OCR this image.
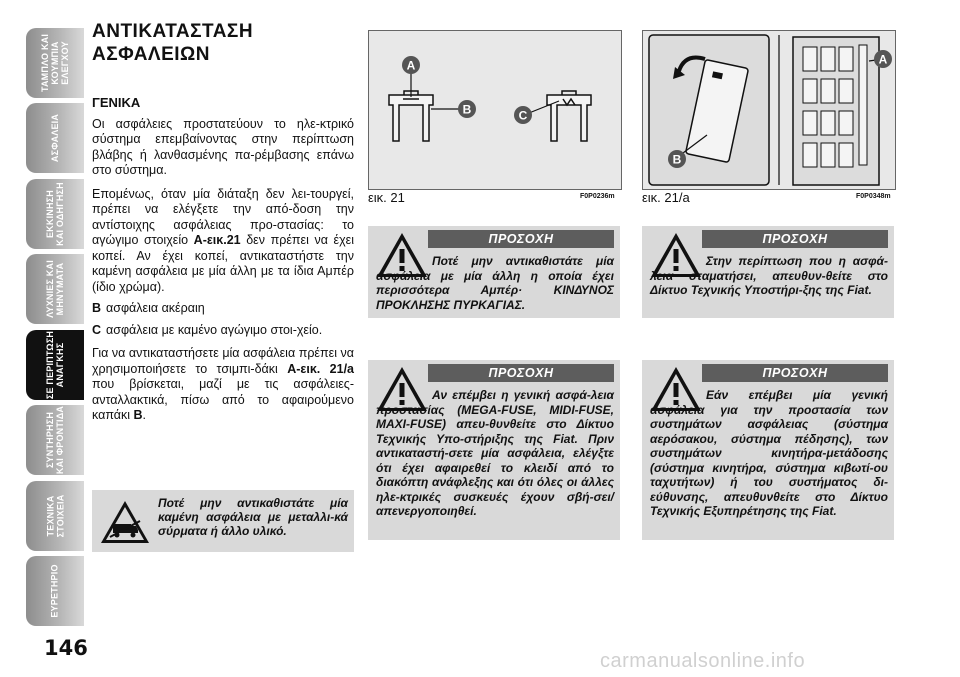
ΤΑΜΠΛΟ ΚΑΙ
ΚΟΥΜΠΙΑ
ΕΛΕΓΧΟΥ
ΑΣΦΑΛΕΙΑ
ΕΚΚΙΝΗΣΗ
ΚΑΙ ΟΔΗΓΗΣΗ
ΛΥΧΝΙΕΣ ΚΑΙ
ΜΗΝΥΜΑΤΑ
ΣΕ ΠΕΡΙΠΤΩΣΗ
ΑΝΑΓΚΗΣ
ΣΥΝΤΗΡΗΣΗ
ΚΑΙ ΦΡΟΝΤΙΔΑ
ΤΕΧΝΙΚΑ
ΣΤΟΙΧΕΙΑ
ΕΥΡΕΤΗΡΙΟ
146
ΑΝΤΙΚΑΤΑΣΤΑΣΗ
ΑΣΦΑΛΕΙΩΝ

ΓΕΝΙΚΑ

Οι ασφάλειες προστατεύουν το ηλε-κτρικό σύστημα επεμβαίνοντας στην περίπτωση βλάβης ή λανθασμένης πα-ρέμβασης επάνω στο σύστημα.

Επομένως, όταν μία διάταξη δεν λει-τουργεί, πρέπει να ελέγξετε την από-δοση την αντίστοιχης ασφάλειας προ-στασίας: το αγώγιμο στοιχείο A-εικ.21 δεν πρέπει να έχει κοπεί. Αν έχει κοπεί, αντικαταστήστε την καμένη ασφάλεια με μία άλλη με τα ίδια Αμπέρ (ίδιο χρώμα).

B ασφάλεια ακέραιη
C ασφάλεια με καμένο αγώγιμο στοι-χείο.

Για να αντικαταστήσετε μία ασφάλεια πρέπει να χρησιμοποιήσετε το τσιμπι-δάκι A-εικ. 21/a που βρίσκεται, μαζί με τις ασφάλειες-ανταλλακτικά, πίσω από το αφαιρούμενο καπάκι B.

Ποτέ μην αντικαθιστάτε μία καμένη ασφάλεια με μεταλλι-κά σύρματα ή άλλο υλικό.
A
B	C
εικ. 21	F0P0236m
B
A
εικ. 21/a	F0P0348m
ΠΡΟΣΟΧΗ
Ποτέ μην αντικαθιστάτε μία ασφάλεια με μία άλλη η οποία έχει περισσότερα Αμπέρ· ΚΙΝΔΥΝΟΣ ΠΡΟΚΛΗΣΗΣ ΠΥΡΚΑΓΙΑΣ.
ΠΡΟΣΟΧΗ
Στην περίπτωση που η ασφά-λεια σταματήσει, απευθυν-θείτε στο Δίκτυο Τεχνικής Υποστήρι-ξης της Fiat.
ΠΡΟΣΟΧΗ
Αν επέμβει η γενική ασφά-λεια προστασίας (MEGA-FUSE, MIDI-FUSE, MAXI-FUSE) απευ-θυνθείτε στο Δίκτυο Τεχνικής Υπο-στήριξης της Fiat. Πριν αντικαταστή-σετε μία ασφάλεια, ελέγξτε ότι έχει αφαιρεθεί το κλειδί από το διακόπτη ανάφλεξης και ότι όλες οι άλλες ηλε-κτρικές συσκευές έχουν σβή-σει/απενεργοποιηθεί.
ΠΡΟΣΟΧΗ
Εάν επέμβει μία γενική ασφάλεια για την προστασία των συστημάτων ασφάλειας (σύστημα αερόσακου, σύστημα πέδησης), των συστημάτων κινητήρα-μετάδοσης (σύστημα κινητήρα, σύστημα κιβωτί-ου ταχυτήτων) ή του συστήματος δι-εύθυνσης, απευθυνθείτε στο Δίκτυο Τεχνικής Εξυπηρέτησης της Fiat.
carmanualsonline.info
